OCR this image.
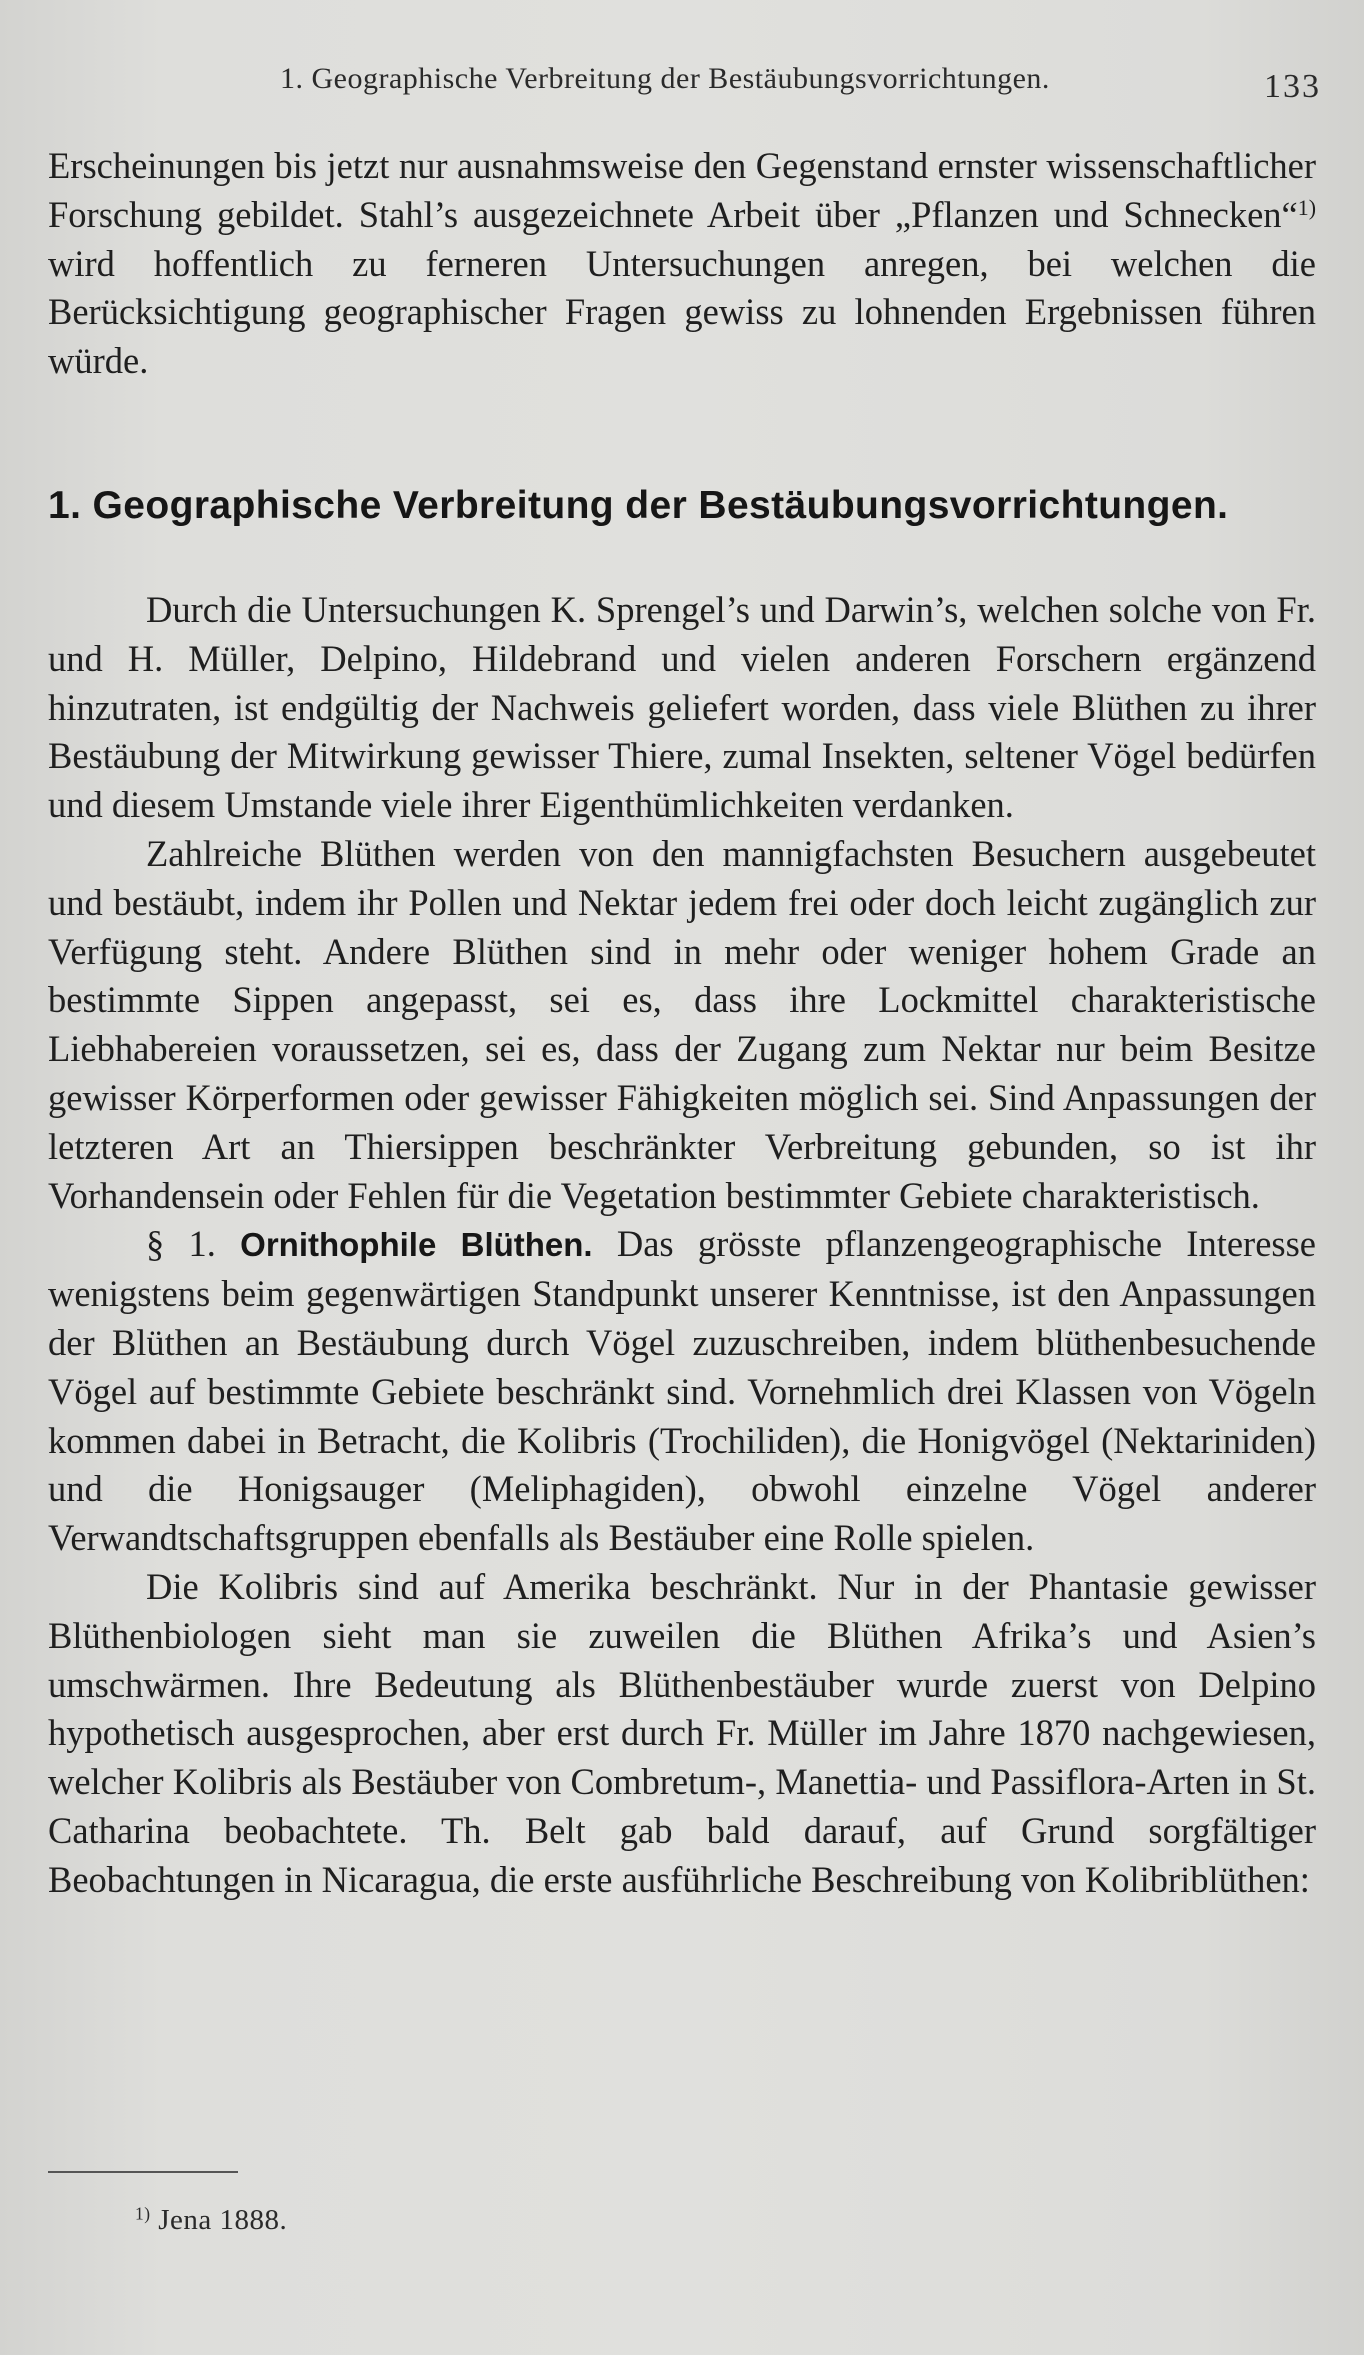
1. Geographische Verbreitung der Bestäubungsvorrichtungen.	133

Erscheinungen bis jetzt nur ausnahmsweise den Gegenstand ernster wissenschaftlicher Forschung gebildet. Stahl’s ausgezeichnete Arbeit über „Pflanzen und Schnecken“$^{1)}$ wird hoffentlich zu ferneren Untersuchungen anregen, bei welchen die Berücksichtigung geographischer Fragen gewiss zu lohnenden Ergebnissen führen würde.

1. Geographische Verbreitung der Bestäubungsvorrichtungen.

Durch die Untersuchungen K. Sprengel’s und Darwin’s, welchen solche von Fr. und H. Müller, Delpino, Hildebrand und vielen anderen Forschern ergänzend hinzutraten, ist endgültig der Nachweis geliefert worden, dass viele Blüthen zu ihrer Bestäubung der Mitwirkung gewisser Thiere, zumal Insekten, seltener Vögel bedürfen und diesem Umstande viele ihrer Eigenthümlichkeiten verdanken.

Zahlreiche Blüthen werden von den mannigfachsten Besuchern ausgebeutet und bestäubt, indem ihr Pollen und Nektar jedem frei oder doch leicht zugänglich zur Verfügung steht. Andere Blüthen sind in mehr oder weniger hohem Grade an bestimmte Sippen angepasst, sei es, dass ihre Lockmittel charakteristische Liebhabereien voraussetzen, sei es, dass der Zugang zum Nektar nur beim Besitze gewisser Körperformen oder gewisser Fähigkeiten möglich sei. Sind Anpassungen der letzteren Art an Thiersippen beschränkter Verbreitung gebunden, so ist ihr Vorhandensein oder Fehlen für die Vegetation bestimmter Gebiete charakteristisch.

§ 1. Ornithophile Blüthen. Das grösste pflanzengeographische Interesse wenigstens beim gegenwärtigen Standpunkt unserer Kenntnisse, ist den Anpassungen der Blüthen an Bestäubung durch Vögel zuzuschreiben, indem blüthenbesuchende Vögel auf bestimmte Gebiete beschränkt sind. Vornehmlich drei Klassen von Vögeln kommen dabei in Betracht, die Kolibris (Trochiliden), die Honigvögel (Nektariniden) und die Honigsauger (Meliphagiden), obwohl einzelne Vögel anderer Verwandtschaftsgruppen ebenfalls als Bestäuber eine Rolle spielen.

Die Kolibris sind auf Amerika beschränkt. Nur in der Phantasie gewisser Blüthenbiologen sieht man sie zuweilen die Blüthen Afrika’s und Asien’s umschwärmen. Ihre Bedeutung als Blüthenbestäuber wurde zuerst von Delpino hypothetisch ausgesprochen, aber erst durch Fr. Müller im Jahre 1870 nachgewiesen, welcher Kolibris als Bestäuber von Combretum-, Manettia- und Passiflora-Arten in St. Catharina beobachtete. Th. Belt gab bald darauf, auf Grund sorgfältiger Beobachtungen in Nicaragua, die erste ausführliche Beschreibung von Kolibriblüthen:

$^{1)}$ Jena 1888.
